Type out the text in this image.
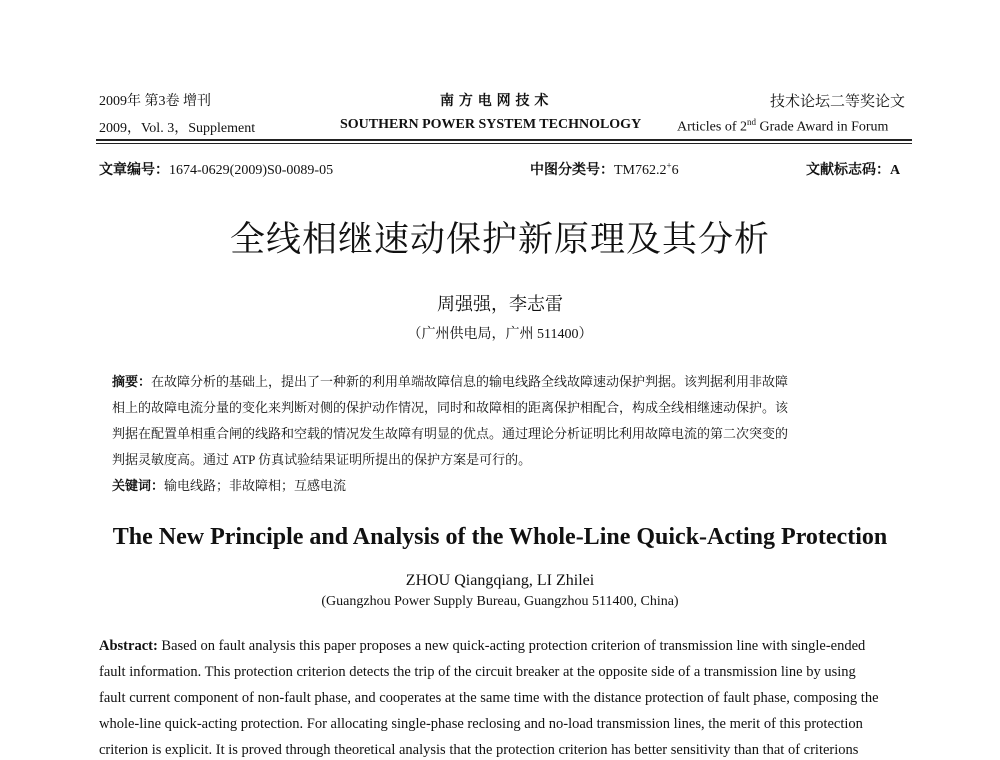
2009年 第3卷 增刊
2009，Vol. 3，Supplement
南 方 电 网 技 术
SOUTHERN POWER SYSTEM TECHNOLOGY
技术论坛二等奖论文
Articles of 2nd Grade Award in Forum
文章编号：1674-0629(2009)S0-0089-05	中图分类号：TM762.2+6	文献标志码：A
全线相继速动保护新原理及其分析
周强强，李志雷
（广州供电局，广州 511400）
摘要：在故障分析的基础上，提出了一种新的利用单端故障信息的输电线路全线故障速动保护判据。该判据利用非故障
相上的故障电流分量的变化来判断对侧的保护动作情况，同时和故障相的距离保护相配合，构成全线相继速动保护。该
判据在配置单相重合闸的线路和空载的情况发生故障有明显的优点。通过理论分析证明比利用故障电流的第二次突变的
判据灵敏度高。通过 ATP 仿真试验结果证明所提出的保护方案是可行的。
关键词：输电线路；非故障相；互感电流
The New Principle and Analysis of the Whole-Line Quick-Acting Protection
ZHOU Qiangqiang, LI Zhilei
(Guangzhou Power Supply Bureau, Guangzhou 511400, China)
Abstract: Based on fault analysis this paper proposes a new quick-acting protection criterion of transmission line with single-ended
fault information. This protection criterion detects the trip of the circuit breaker at the opposite side of a transmission line by using
fault current component of non-fault phase, and cooperates at the same time with the distance protection of fault phase, composing the
whole-line quick-acting protection. For allocating single-phase reclosing and no-load transmission lines, the merit of this protection
criterion is explicit. It is proved through theoretical analysis that the protection criterion has better sensitivity than that of criterions
